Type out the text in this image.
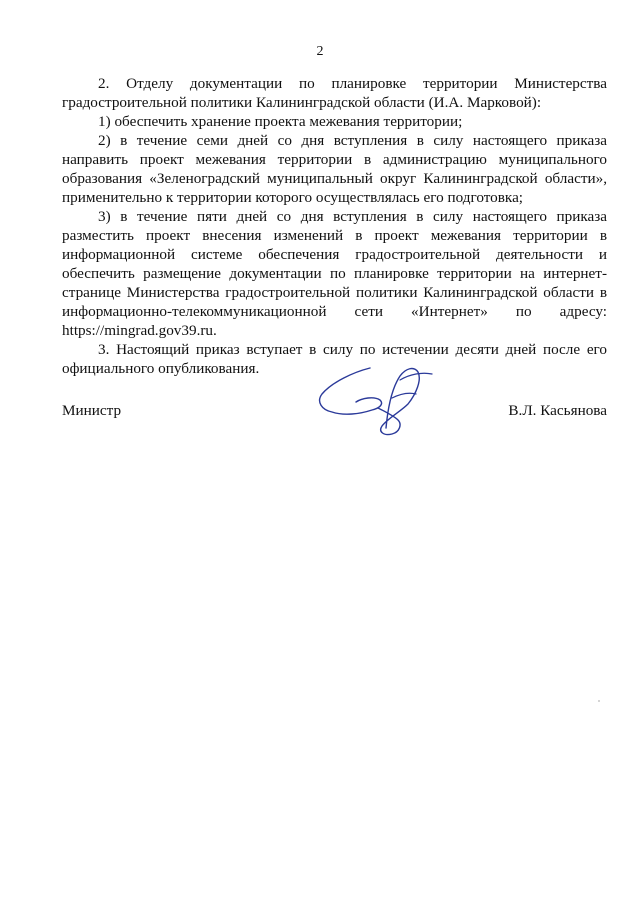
2

2. Отделу документации по планировке территории Министерства градостроительной политики Калининградской области (И.А. Марковой):

1) обеспечить хранение проекта межевания территории;

2) в течение семи дней со дня вступления в силу настоящего приказа направить проект межевания территории в администрацию муниципального образования «Зеленоградский муниципальный округ Калининградской области», применительно к территории которого осуществлялась его подготовка;

3) в течение пяти дней со дня вступления в силу настоящего приказа разместить проект внесения изменений в проект межевания территории в информационной системе обеспечения градостроительной деятельности и обеспечить размещение документации по планировке территории на интернет-странице Министерства градостроительной политики Калининградской области в информационно-телекоммуникационной сети «Интернет» по адресу: https://mingrad.gov39.ru.

3. Настоящий приказ вступает в силу по истечении десяти дней после его официального опубликования.

Министр	В.Л. Касьянова
